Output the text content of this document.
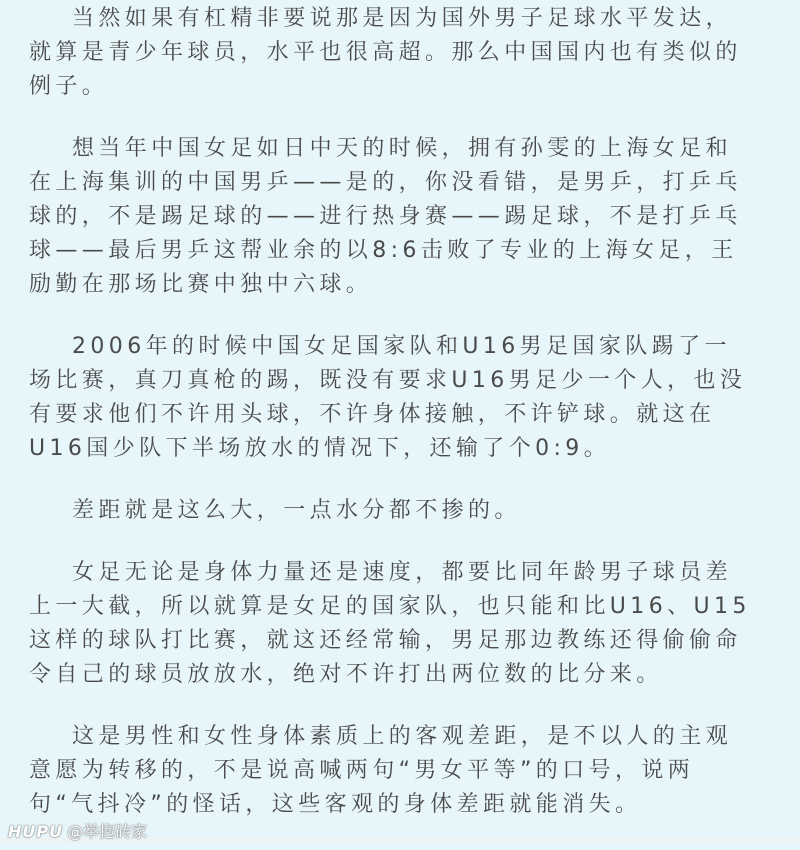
当然如果有杠精非要说那是因为国外男子足球水平发达，
就算是青少年球员，水平也很高超。那么中国国内也有类似的
例子。
想当年中国女足如日中天的时候，拥有孙雯的上海女足和
在上海集训的中国男乒——是的，你没看错，是男乒，打乒乓
球的，不是踢足球的——进行热身赛——踢足球，不是打乒乓
球——最后男乒这帮业余的以8:6击败了专业的上海女足，王
励勤在那场比赛中独中六球。
2006年的时候中国女足国家队和U16男足国家队踢了一
场比赛，真刀真枪的踢，既没有要求U16男足少一个人，也没
有要求他们不许用头球，不许身体接触，不许铲球。就这在
U16国少队下半场放水的情况下，还输了个0:9。
差距就是这么大，一点水分都不掺的。
女足无论是身体力量还是速度，都要比同年龄男子球员差
上一大截，所以就算是女足的国家队，也只能和比U16、U15
这样的球队打比赛，就这还经常输，男足那边教练还得偷偷命
令自己的球员放放水，绝对不许打出两位数的比分来。
这是男性和女性身体素质上的客观差距，是不以人的主观
意愿为转移的，不是说高喊两句“男女平等”的口号，说两
句“气抖冷”的怪话，这些客观的身体差距就能消失。
HUPU @举抱砖家
